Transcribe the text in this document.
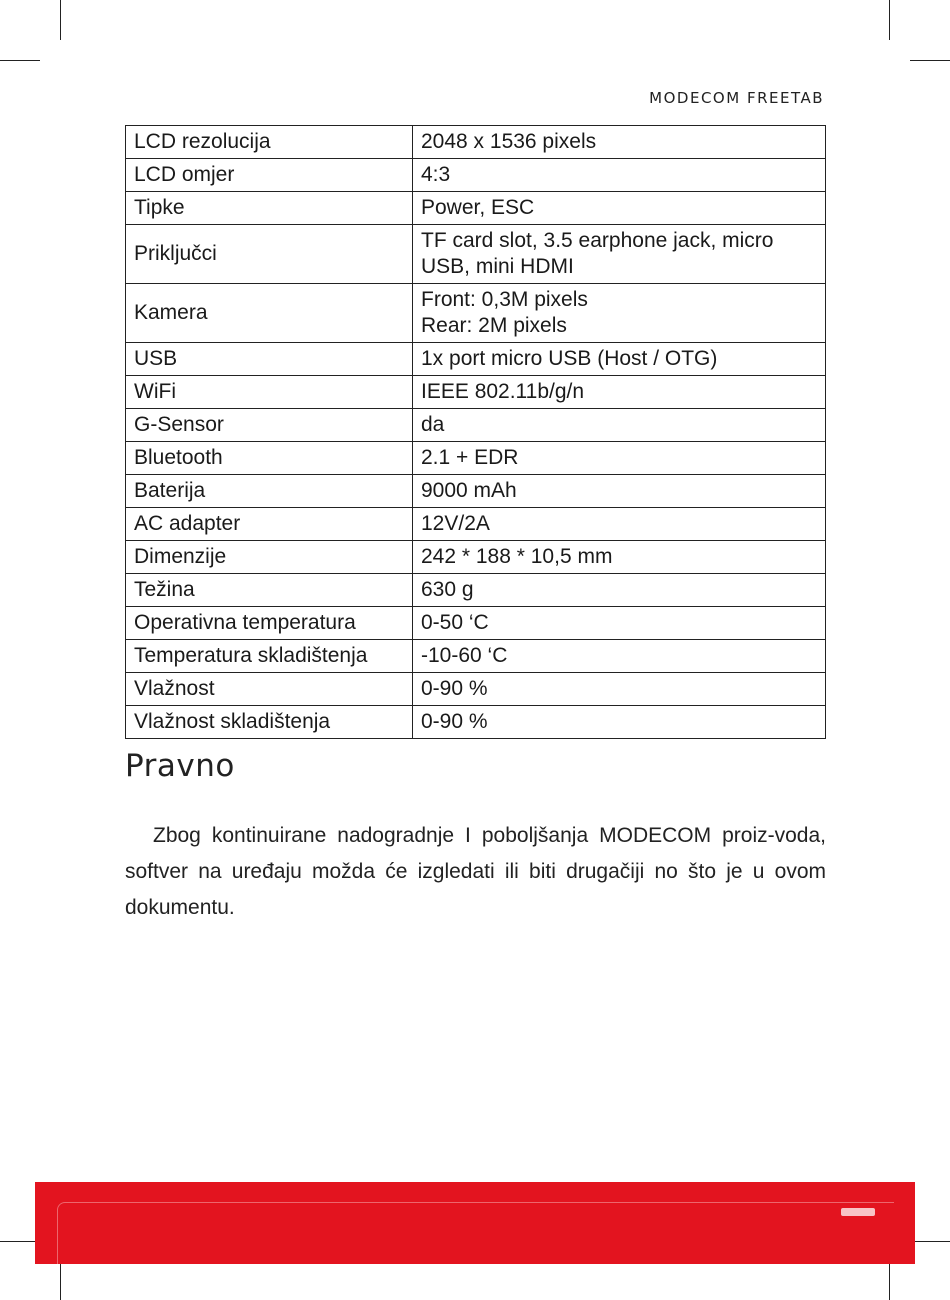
MODECOM FREETAB
LCD rezolucija	2048 x 1536 pixels
LCD omjer	4:3
Tipke	Power, ESC
Priključci	TF card slot, 3.5 earphone jack, micro
USB, mini HDMI

Kamera	Front: 0,3M pixels
Rear: 2M pixels

USB	1x port micro USB (Host / OTG)
WiFi	IEEE 802.11b/g/n
G-Sensor	da
Bluetooth	2.1 + EDR
Baterija	9000 mAh
AC adapter	12V/2A
Dimenzije	242 * 188 * 10,5 mm
Težina	630 g
Operativna temperatura	0-50 ‘C
Temperatura skladištenja	-10-60 ‘C
Vlažnost	0-90 %
Vlažnost skladištenja	0-90 %
Pravno

Zbog kontinuirane nadogradnje I poboljšanja MODECOM proiz-voda, softver na uređaju možda će izgledati ili biti drugačiji no što je u ovom dokumentu.
